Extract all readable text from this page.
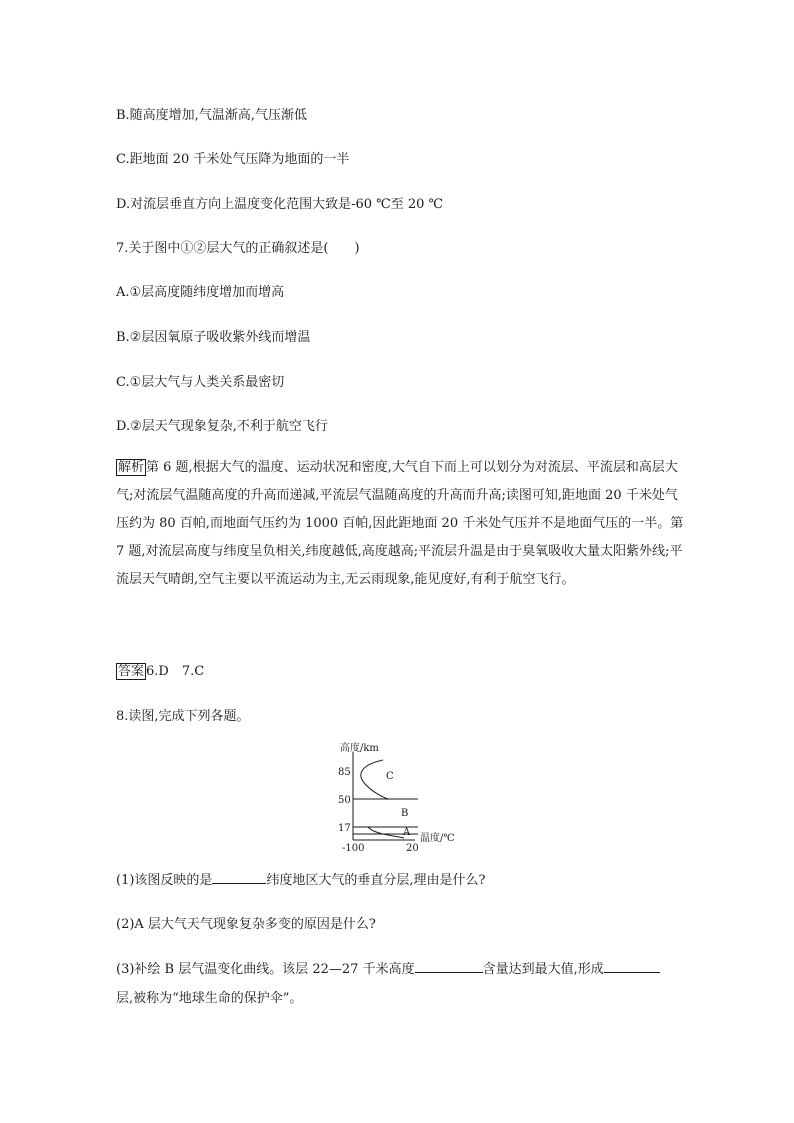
B.随高度增加,气温渐高,气压渐低
C.距地面 20 千米处气压降为地面的一半
D.对流层垂直方向上温度变化范围大致是-60 ℃至 20 ℃
7.关于图中①②层大气的正确叙述是(　　)
A.①层高度随纬度增加而增高
B.②层因氧原子吸收紫外线而增温
C.①层大气与人类关系最密切
D.②层天气现象复杂,不利于航空飞行
解析 第 6 题,根据大气的温度、运动状况和密度,大气自下而上可以划分为对流层、平流层和高层大气;对流层气温随高度的升高而递减,平流层气温随高度的升高而升高;读图可知,距地面 20 千米处气压约为 80 百帕,而地面气压约为 1000 百帕,因此距地面 20 千米处气压并不是地面气压的一半。第 7 题,对流层高度与纬度呈负相关,纬度越低,高度越高;平流层升温是由于臭氧吸收大量太阳紫外线;平流层天气晴朗,空气主要以平流运动为主,无云雨现象,能见度好,有利于航空飞行。
答案 6.D　7.C
8.读图,完成下列各题。
高度/km
85
50
17
-100	20
温度/℃
C
B
A
(1)该图反映的是	纬度地区大气的垂直分层,理由是什么?
(2)A 层大气天气现象复杂多变的原因是什么?
(3)补绘 B 层气温变化曲线。该层 22—27 千米高度	含量达到最大值,形成
层,被称为“地球生命的保护伞”。
